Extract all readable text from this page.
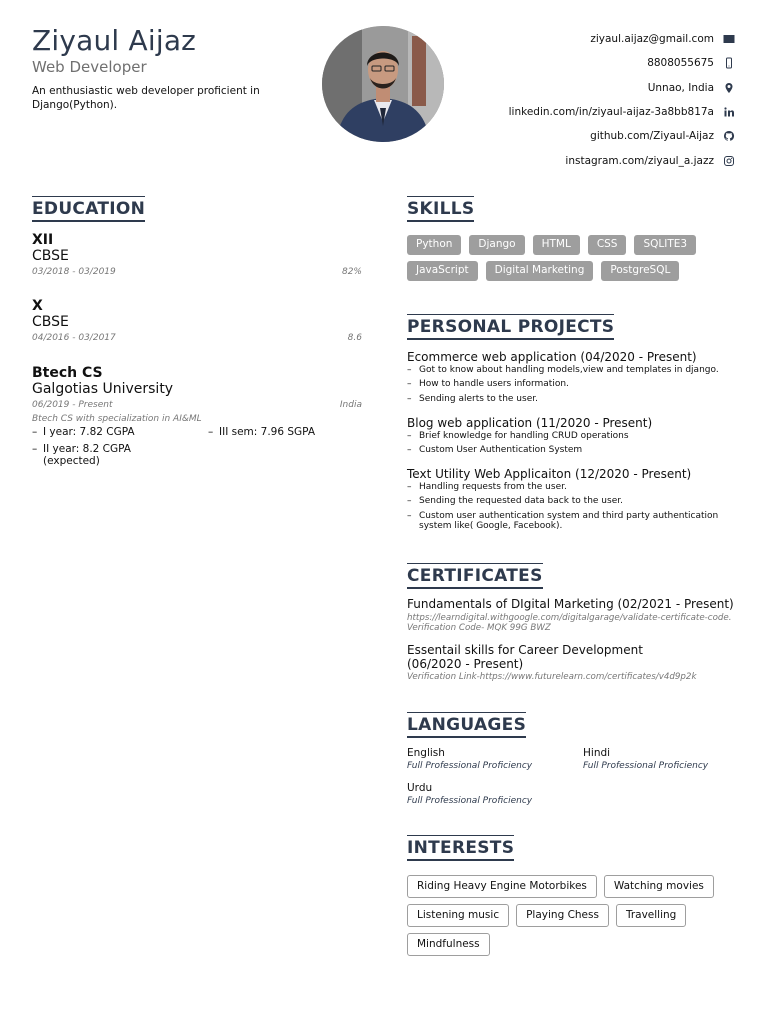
Ziyaul Aijaz
Web Developer
An enthusiastic web developer proficient in Django(Python).
ziyaul.aijaz@gmail.com
8808055675
Unnao, India
linkedin.com/in/ziyaul-aijaz-3a8bb817a
github.com/Ziyaul-Aijaz
instagram.com/ziyaul_a.jazz
EDUCATION
XII
CBSE
03/2018 - 03/2019	82%
X
CBSE
04/2016 - 03/2017	8.6
Btech CS
Galgotias University
06/2019 - Present	India
Btech CS with specialization in AI&ML
– I year: 7.82 CGPA
–	III sem: 7.96 SGPA
– II year: 8.2 CGPA (expected)
SKILLS
Python	Django	HTML	CSS	SQLITE3
JavaScript	Digital Marketing	PostgreSQL
PERSONAL PROJECTS
Ecommerce web application (04/2020 - Present)
– Got to know about handling models,view and templates in django.
– How to handle users information.
– Sending alerts to the user.
Blog web application (11/2020 - Present)
– Brief knowledge for handling CRUD operations
– Custom User Authentication System
Text Utility Web Applicaiton (12/2020 - Present)
– Handling requests from the user.
– Sending the requested data back to the user.
– Custom user authentication system and third party authentication system like( Google, Facebook).
CERTIFICATES
Fundamentals of DIgital Marketing (02/2021 - Present)
https://learndigital.withgoogle.com/digitalgarage/validate-certificate-code. Verification Code- MQK 99G BWZ
Essentail skills for Career Development (06/2020 - Present)
Verification Link-https://www.futurelearn.com/certificates/v4d9p2k
LANGUAGES
English
Full Professional Proficiency
Hindi
Full Professional Proficiency
Urdu
Full Professional Proficiency
INTERESTS
Riding Heavy Engine Motorbikes	Watching movies
Listening music	Playing Chess	Travelling
Mindfulness
